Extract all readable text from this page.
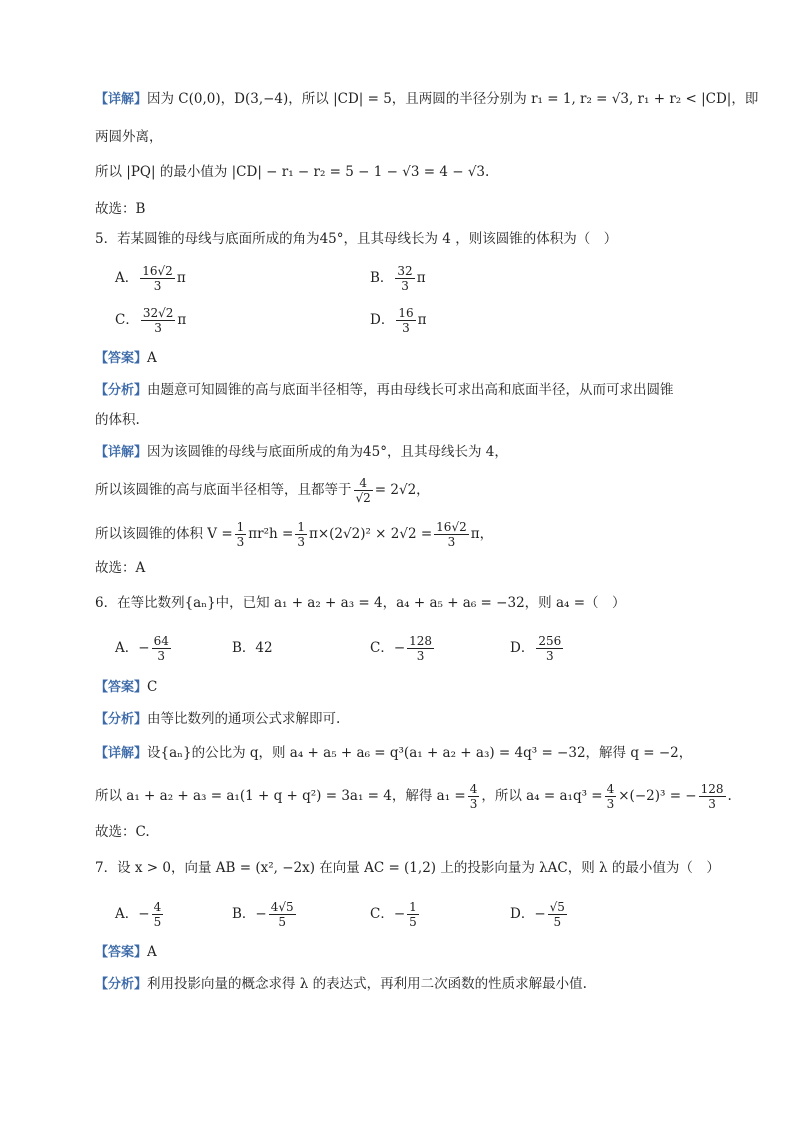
【详解】因为 C(0,0)，D(3,−4)，所以 |CD| = 5，且两圆的半径分别为 r₁ = 1, r₂ = √3, r₁ + r₂ < |CD|，即
两圆外离，
所以 |PQ| 的最小值为 |CD| − r₁ − r₂ = 5 − 1 − √3 = 4 − √3.
故选：B
5．若某圆锥的母线与底面所成的角为45°，且其母线长为 4 ，则该圆锥的体积为（　）
A． $\frac{16√2}{3}$ π	B． $\frac{32}{3}$ π
C． $\frac{32√2}{3}$ π	D． $\frac{16}{3}$ π
【答案】A
【分析】由题意可知圆锥的高与底面半径相等，再由母线长可求出高和底面半径，从而可求出圆锥
的体积.
【详解】因为该圆锥的母线与底面所成的角为45°，且其母线长为 4，
所以该圆锥的高与底面半径相等，且都等于 $\frac{4}{√2} = 2√2$，
所以该圆锥的体积 $V = \frac{1}{3} \pi r^2h = \frac{1}{3} \pi\times(2√2)^2 \times 2√2 = \frac{16√2}{3}$ π，
故选：A
6．在等比数列{aₙ}中，已知 a₁ + a₂ + a₃ = 4，a₄ + a₅ + a₆ = −32，则 a₄ =（　）
A．− $\frac{64}{3}$	B．42	C．− $\frac{128}{3}$	D． $\frac{256}{3}$
【答案】C
【分析】由等比数列的通项公式求解即可.
【详解】设{aₙ}的公比为 q，则 a₄ + a₅ + a₆ = q³(a₁ + a₂ + a₃) = 4q³ = −32，解得 q = −2，
所以 a₁ + a₂ + a₃ = a₁(1 + q + q²) = 3a₁ = 4，解得 $a_1 = \frac{4}{3}$ ，所以 $a_4 = a_1q^3 = \frac{4}{3} \times(-2)^3$ = − $\frac{128}{3}$ .
故选：C.
7．设 x > 0，向量 AB = (x², −2x) 在向量 AC = (1,2) 上的投影向量为 λAC，则 λ 的最小值为（　）
A．− $\frac{4}{5}$	B．− $\frac{4√5}{5}$	C．− $\frac{1}{5}$	D．− $\frac{√5}{5}$
【答案】A
【分析】利用投影向量的概念求得 λ 的表达式，再利用二次函数的性质求解最小值.
